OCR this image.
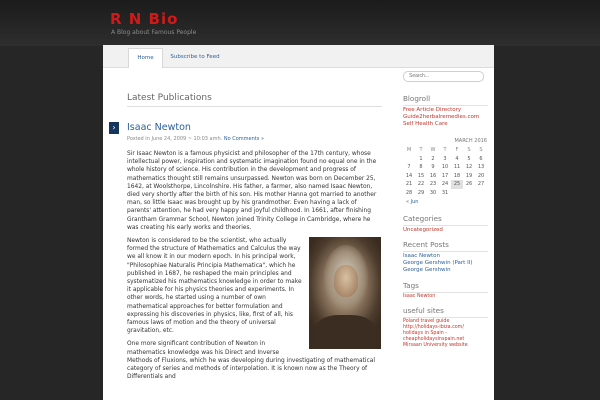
R N Bio
A Blog about Famous People
Home	Subscribe to Feed
Latest Publications
›	Isaac Newton
Posted in June 24, 2009 ~ 10:03 amh. No Comments »

Sir Isaac Newton is a famous physicist and philosopher of the 17th century, whose intellectual power, inspiration and systematic imagination found no equal one in the whole history of science. His contribution in the development and progress of mathematics thought still remains unsurpassed. Newton was born on December 25, 1642, at Woolsthorpe, Lincolnshire. His father, a farmer, also named Isaac Newton, died very shortly after the birth of his son. His mother Hanna got married to another man, so little Isaac was brought up by his grandmother. Even having a lack of parents' attention, he had very happy and joyful childhood. In 1661, after finishing Grantham Grammar School, Newton joined Trinity College in Cambridge, where he was creating his early works and theories.

Newton is considered to be the scientist, who actually formed the structure of Mathematics and Calculus the way we all know it in our modern epoch. In his principal work, "Philosophiae Naturalis Principia Mathematica", which he published in 1687, he reshaped the main principles and systematized his mathematics knowledge in order to make it applicable for his physics theories and experiments. In other words, he started using a number of own mathematical approaches for better formulation and expressing his discoveries in physics, like, first of all, his famous laws of motion and the theory of universal gravitation, etc.

One more significant contribution of Newton in mathematics knowledge was his Direct and Inverse Methods of Fluxions, which he was developing during investigating of mathematical category of series and methods of interpolation. It is known now as the Theory of Differentials and

Search...
Blogroll
Free Article Directory
Guide2herbalremedies.com
Self Health Care
MARCH 2016
M	T	W	T	F	S	S
	1	2	3	4	5	6
7	8	9	10	11	12	13
14	15	16	17	18	19	20
21	22	23	24	25	26	27
28	29	30	31			
« Jun
Categories
Uncategorized
Recent Posts
Isaac Newton
George Gershwin (Part II)
George Gershwin
Tags
Isaac Newton
useful sites
Poland travel guide
http://holidays-ibiza.com/
holidays in Spain -
cheapholidaysinspain.net
Mirsaan University website
